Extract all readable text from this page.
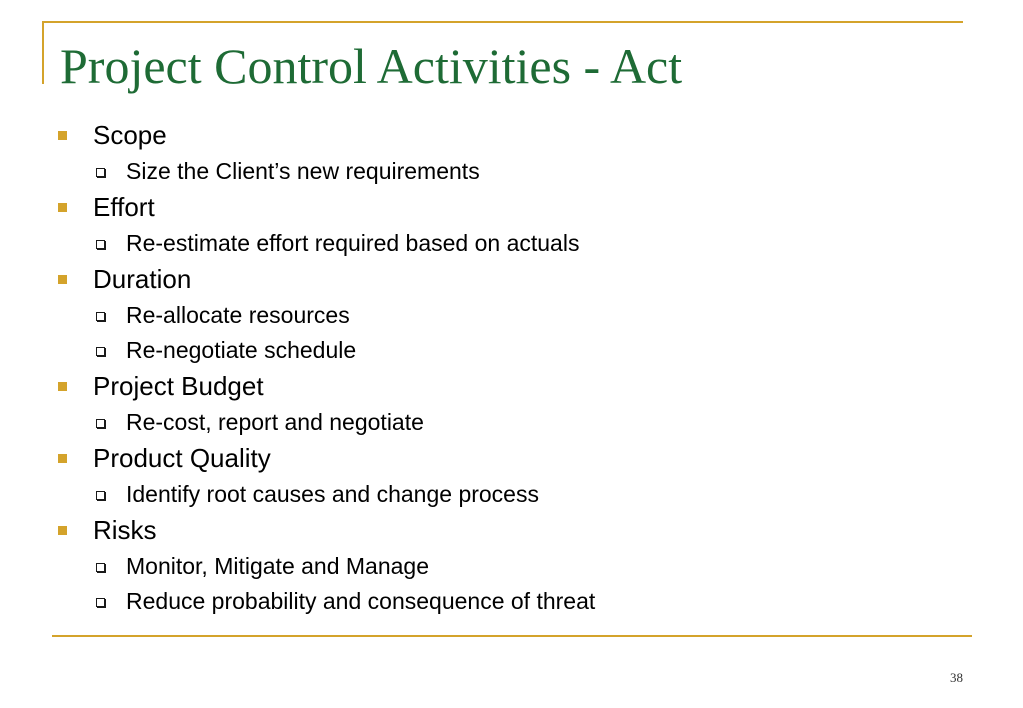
Project Control Activities - Act
Scope
Size the Client’s new requirements
Effort
Re-estimate effort required based on actuals
Duration
Re-allocate resources
Re-negotiate schedule
Project Budget
Re-cost, report and negotiate
Product Quality
Identify root causes and change process
Risks
Monitor, Mitigate and Manage
Reduce probability and consequence of threat
38
